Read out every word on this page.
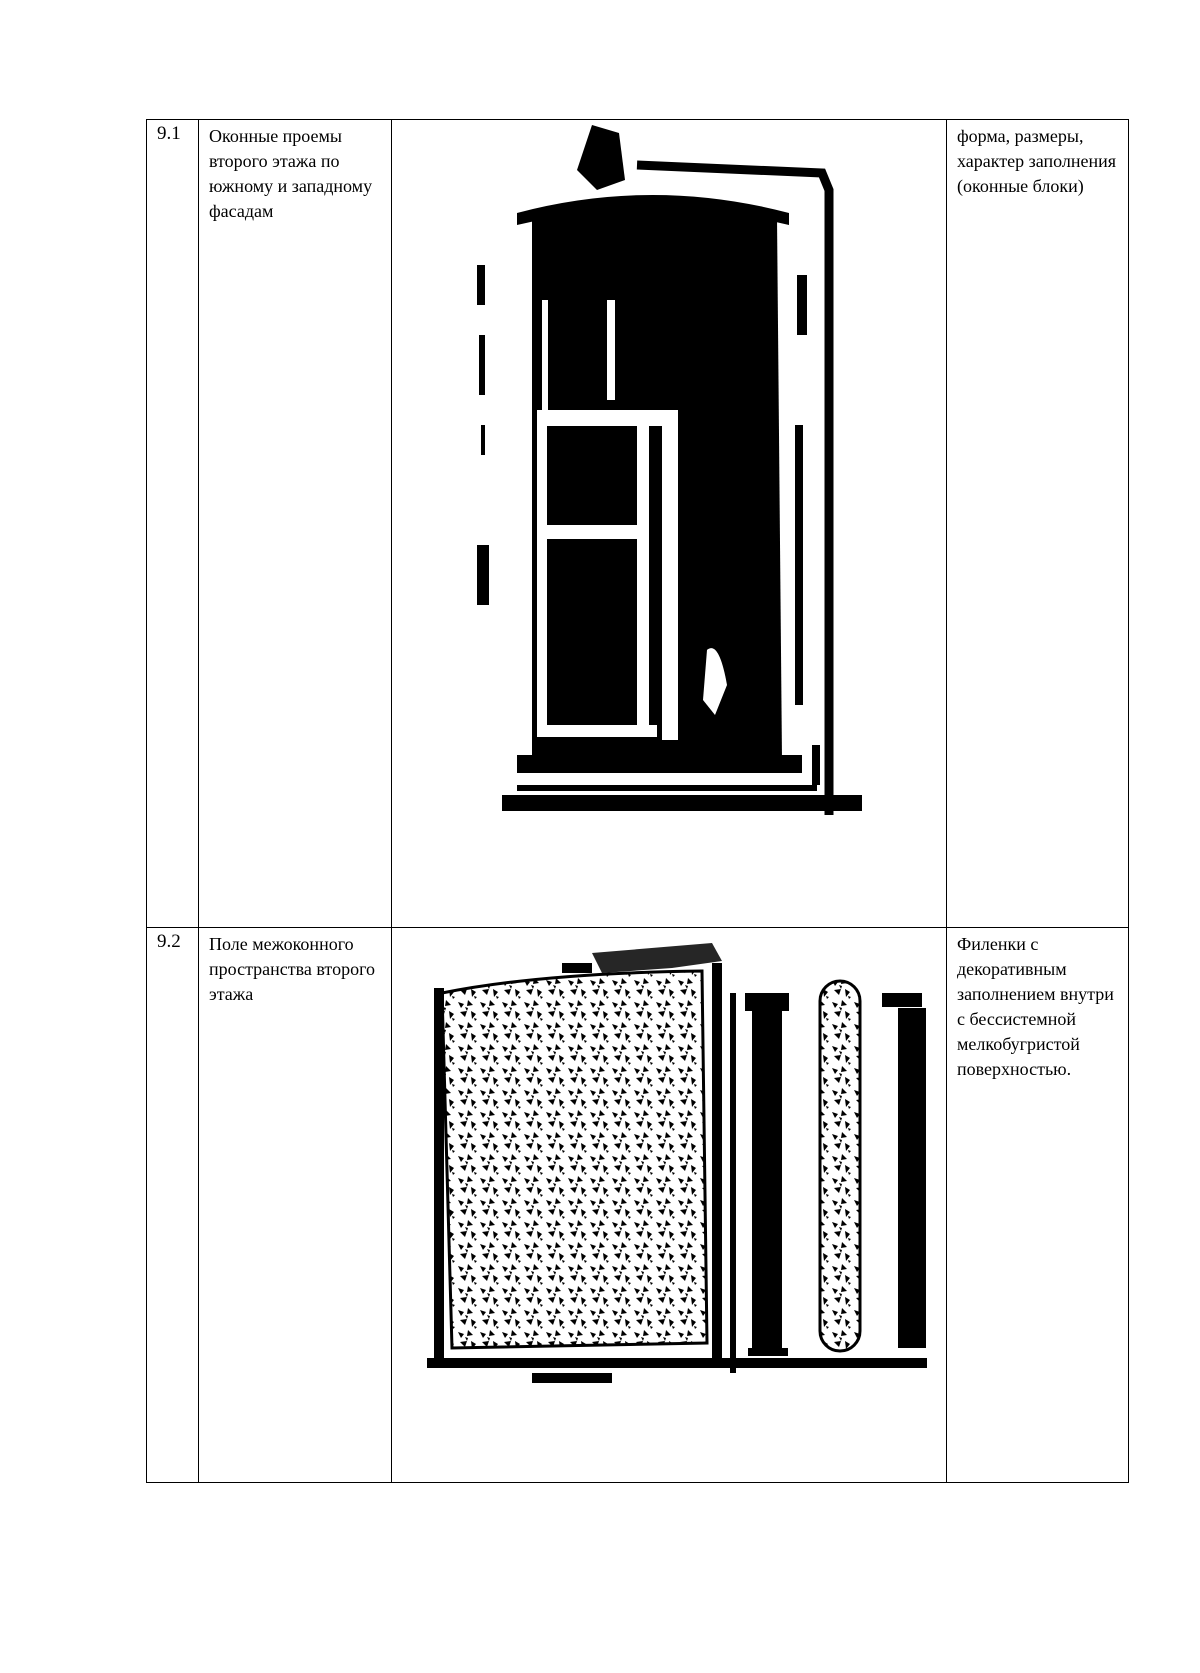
9.1	Оконные проемы второго этажа по южному и западному фасадам		форма, размеры, характер заполнения (оконные блоки)
9.2	Поле межоконного пространства второго этажа		Филенки с декоративным заполнением внутри с бессистемной мелкобугристой поверхностью.
